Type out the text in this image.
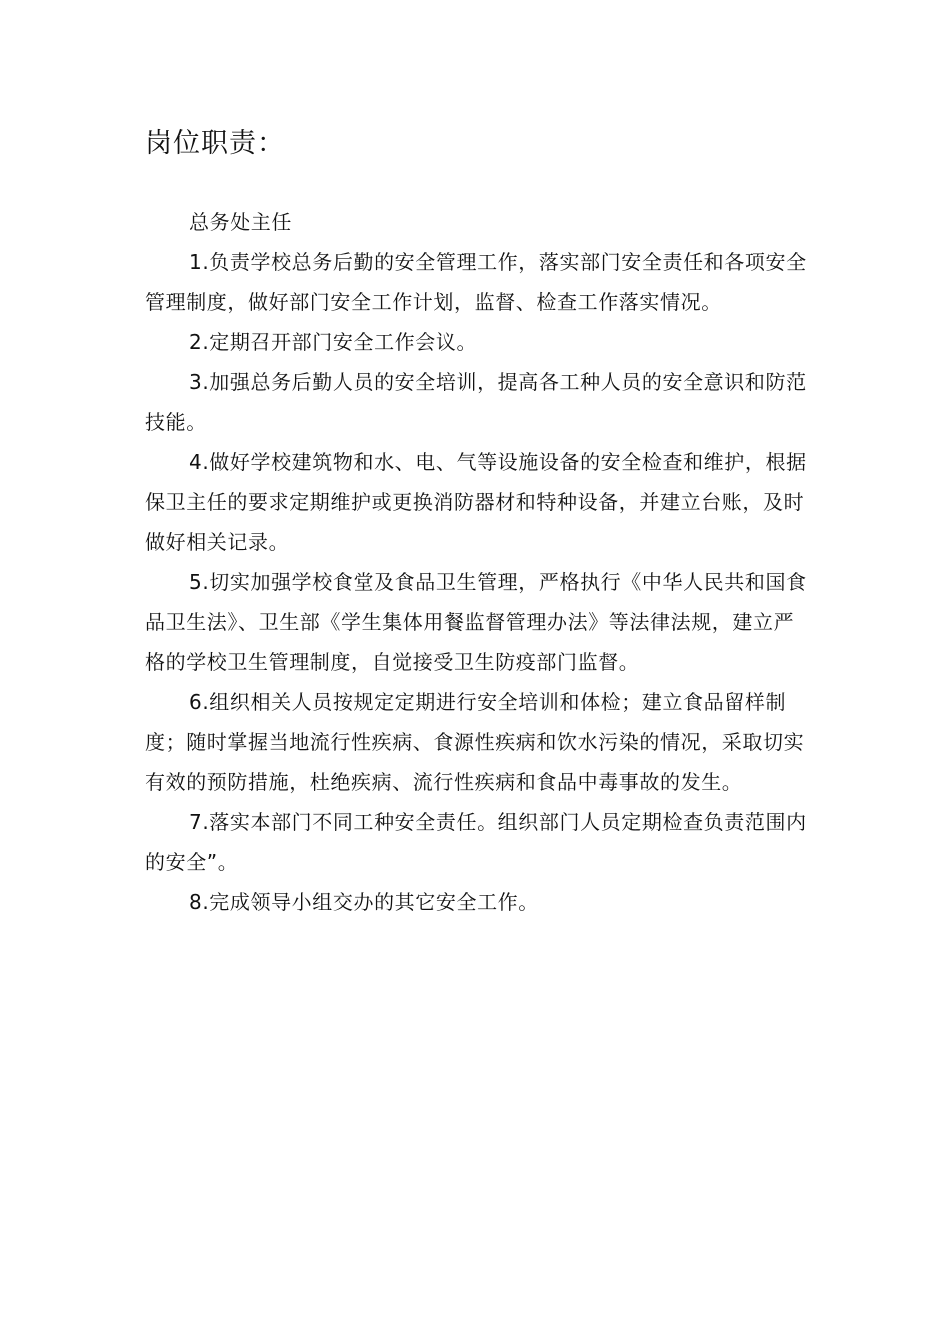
岗位职责：

总务处主任

1.负责学校总务后勤的安全管理工作，落实部门安全责任和各项安全管理制度，做好部门安全工作计划，监督、检查工作落实情况。

2.定期召开部门安全工作会议。

3.加强总务后勤人员的安全培训，提高各工种人员的安全意识和防范技能。

4.做好学校建筑物和水、电、气等设施设备的安全检查和维护，根据保卫主任的要求定期维护或更换消防器材和特种设备，并建立台账，及时做好相关记录。

5.切实加强学校食堂及食品卫生管理，严格执行《中华人民共和国食品卫生法》、卫生部《学生集体用餐监督管理办法》等法律法规，建立严格的学校卫生管理制度，自觉接受卫生防疫部门监督。

6.组织相关人员按规定定期进行安全培训和体检；建立食品留样制度；随时掌握当地流行性疾病、食源性疾病和饮水污染的情况，采取切实有效的预防措施，杜绝疾病、流行性疾病和食品中毒事故的发生。

7.落实本部门不同工种安全责任。组织部门人员定期检查负责范围内的安全”。

8.完成领导小组交办的其它安全工作。
